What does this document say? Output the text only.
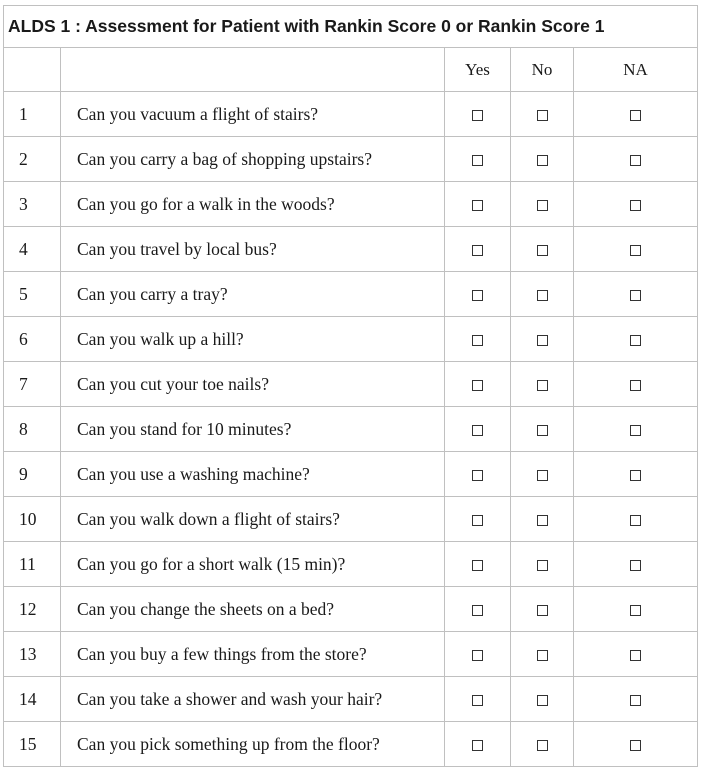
ALDS 1 : Assessment for Patient with Rankin Score 0 or Rankin Score 1				
		Yes	No	NA
1	Can you vacuum a flight of stairs?			
2	Can you carry a bag of shopping upstairs?			
3	Can you go for a walk in the woods?			
4	Can you travel by local bus?			
5	Can you carry a tray?			
6	Can you walk up a hill?			
7	Can you cut your toe nails?			
8	Can you stand for 10 minutes?			
9	Can you use a washing machine?			
10	Can you walk down a flight of stairs?			
11	Can you go for a short walk (15 min)?			
12	Can you change the sheets on a bed?			
13	Can you buy a few things from the store?			
14	Can you take a shower and wash your hair?			
15	Can you pick something up from the floor?			
